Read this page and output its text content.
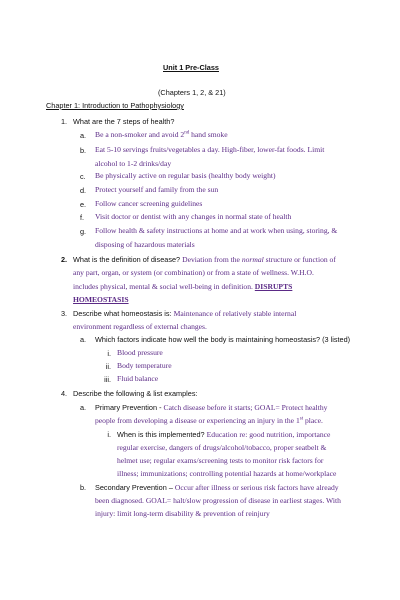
Unit 1 Pre-Class
(Chapters 1, 2, & 21)
Chapter 1: Introduction to Pathophysiology
1. What are the 7 steps of health?
a. Be a non-smoker and avoid 2nd hand smoke
b. Eat 5-10 servings fruits/vegetables a day. High-fiber, lower-fat foods. Limit
alcohol to 1-2 drinks/day
c. Be physically active on regular basis (healthy body weight)
d. Protect yourself and family from the sun
e. Follow cancer screening guidelines
f. Visit doctor or dentist with any changes in normal state of health
g. Follow health & safety instructions at home and at work when using, storing, &
disposing of hazardous materials
2. What is the definition of disease? Deviation from the normal structure or function of
any part, organ, or system (or combination) or from a state of wellness. W.H.O.
includes physical, mental & social well-being in definition. DISRUPTS
HOMEOSTASIS
3. Describe what homeostasis is: Maintenance of relatively stable internal
environment regardless of external changes.
a. Which factors indicate how well the body is maintaining homeostasis? (3 listed)
i. Blood pressure
ii. Body temperature
iii. Fluid balance
4. Describe the following & list examples:
a. Primary Prevention - Catch disease before it starts; GOAL= Protect healthy
people from developing a disease or experiencing an injury in the 1st place.
i. When is this implemented? Education re: good nutrition, importance
regular exercise, dangers of drugs/alcohol/tobacco, proper seatbelt &
helmet use; regular exams/screening tests to monitor risk factors for
illness; immunizations; controlling potential hazards at home/workplace
b. Secondary Prevention – Occur after illness or serious risk factors have already
been diagnosed. GOAL= halt/slow progression of disease in earliest stages. With
injury: limit long-term disability & prevention of reinjury
